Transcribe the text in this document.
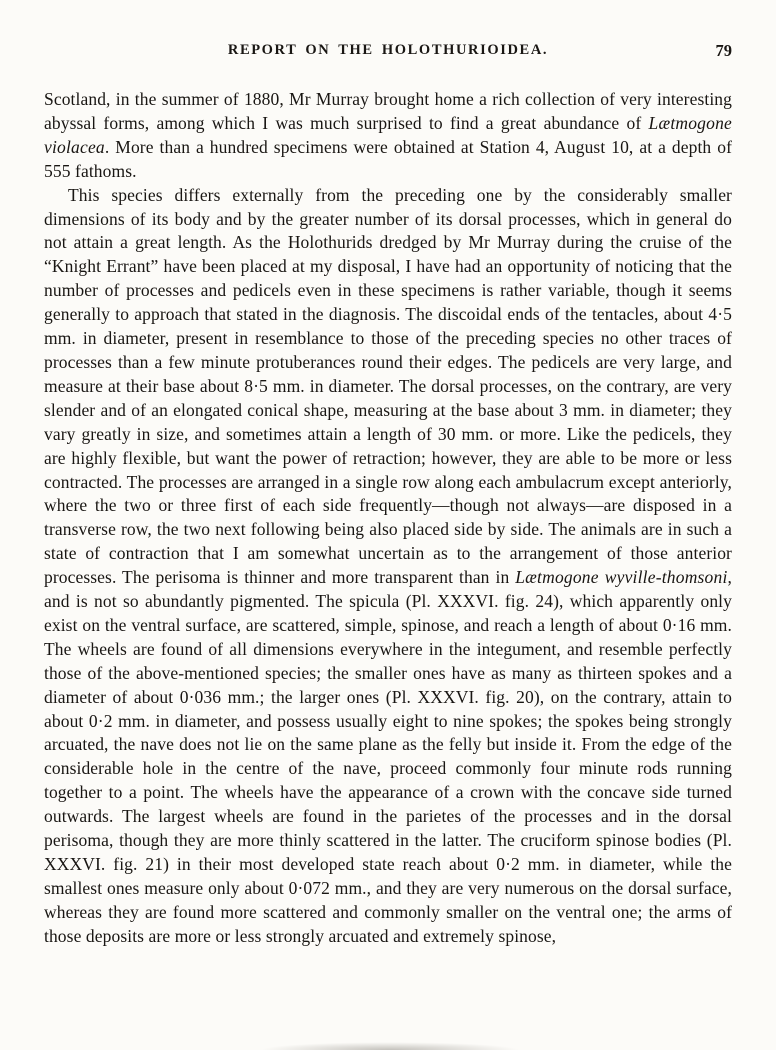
REPORT ON THE HOLOTHURIOIDEA.	79

Scotland, in the summer of 1880, Mr Murray brought home a rich collection of very interesting abyssal forms, among which I was much surprised to find a great abundance of Lætmogone violacea. More than a hundred specimens were obtained at Station 4, August 10, at a depth of 555 fathoms.

This species differs externally from the preceding one by the considerably smaller dimensions of its body and by the greater number of its dorsal processes, which in general do not attain a great length. As the Holothurids dredged by Mr Murray during the cruise of the “Knight Errant” have been placed at my disposal, I have had an opportunity of noticing that the number of processes and pedicels even in these specimens is rather variable, though it seems generally to approach that stated in the diagnosis. The discoidal ends of the tentacles, about 4·5 mm. in diameter, present in resemblance to those of the preceding species no other traces of processes than a few minute protuberances round their edges. The pedicels are very large, and measure at their base about 8·5 mm. in diameter. The dorsal processes, on the contrary, are very slender and of an elongated conical shape, measuring at the base about 3 mm. in diameter; they vary greatly in size, and sometimes attain a length of 30 mm. or more. Like the pedicels, they are highly flexible, but want the power of retraction; however, they are able to be more or less contracted. The processes are arranged in a single row along each ambulacrum except anteriorly, where the two or three first of each side frequently—though not always—are disposed in a transverse row, the two next following being also placed side by side. The animals are in such a state of contraction that I am somewhat uncertain as to the arrangement of those anterior processes. The perisoma is thinner and more transparent than in Lætmogone wyville-thomsoni, and is not so abundantly pigmented. The spicula (Pl. XXXVI. fig. 24), which apparently only exist on the ventral surface, are scattered, simple, spinose, and reach a length of about 0·16 mm. The wheels are found of all dimensions everywhere in the integument, and resemble perfectly those of the above-mentioned species; the smaller ones have as many as thirteen spokes and a diameter of about 0·036 mm.; the larger ones (Pl. XXXVI. fig. 20), on the contrary, attain to about 0·2 mm. in diameter, and possess usually eight to nine spokes; the spokes being strongly arcuated, the nave does not lie on the same plane as the felly but inside it. From the edge of the considerable hole in the centre of the nave, proceed commonly four minute rods running together to a point. The wheels have the appearance of a crown with the concave side turned outwards. The largest wheels are found in the parietes of the processes and in the dorsal perisoma, though they are more thinly scattered in the latter. The cruciform spinose bodies (Pl. XXXVI. fig. 21) in their most developed state reach about 0·2 mm. in diameter, while the smallest ones measure only about 0·072 mm., and they are very numerous on the dorsal surface, whereas they are found more scattered and commonly smaller on the ventral one; the arms of those deposits are more or less strongly arcuated and extremely spinose,
